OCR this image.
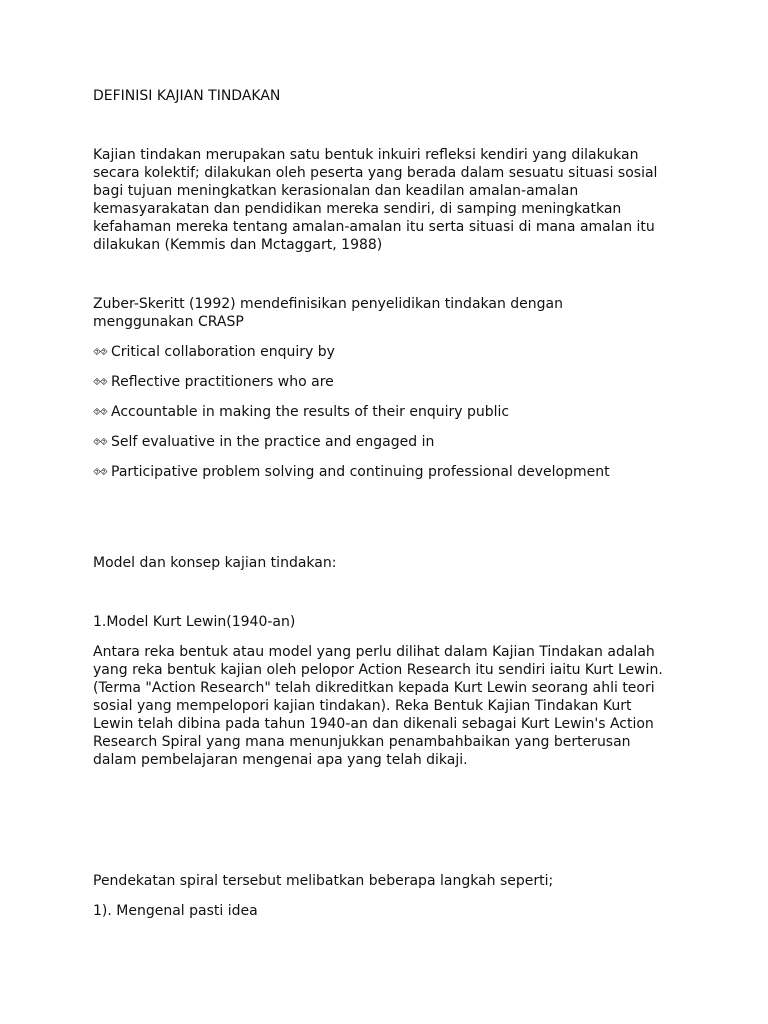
DEFINISI KAJIAN TINDAKAN
Kajian tindakan merupakan satu bentuk inkuiri refleksi kendiri yang dilakukan
secara kolektif; dilakukan oleh peserta yang berada dalam sesuatu situasi sosial
bagi tujuan meningkatkan kerasionalan dan keadilan amalan-amalan
kemasyarakatan dan pendidikan mereka sendiri, di samping meningkatkan
kefahaman mereka tentang amalan-amalan itu serta situasi di mana amalan itu
dilakukan (Kemmis dan Mctaggart, 1988)
Zuber-Skeritt (1992) mendefinisikan penyelidikan tindakan dengan
menggunakan CRASP
⯑⯑ Critical collaboration enquiry by
⯑⯑ Reflective practitioners who are
⯑⯑ Accountable in making the results of their enquiry public
⯑⯑ Self evaluative in the practice and engaged in
⯑⯑ Participative problem solving and continuing professional development
Model dan konsep kajian tindakan:
1.Model Kurt Lewin(1940-an)
Antara reka bentuk atau model yang perlu dilihat dalam Kajian Tindakan adalah
yang reka bentuk kajian oleh pelopor Action Research itu sendiri iaitu Kurt Lewin.
(Terma "Action Research" telah dikreditkan kepada Kurt Lewin seorang ahli teori
sosial yang mempelopori kajian tindakan). Reka Bentuk Kajian Tindakan Kurt
Lewin telah dibina pada tahun 1940-an dan dikenali sebagai Kurt Lewin's Action
Research Spiral yang mana menunjukkan penambahbaikan yang berterusan
dalam pembelajaran mengenai apa yang telah dikaji.
Pendekatan spiral tersebut melibatkan beberapa langkah seperti;
1). Mengenal pasti idea
